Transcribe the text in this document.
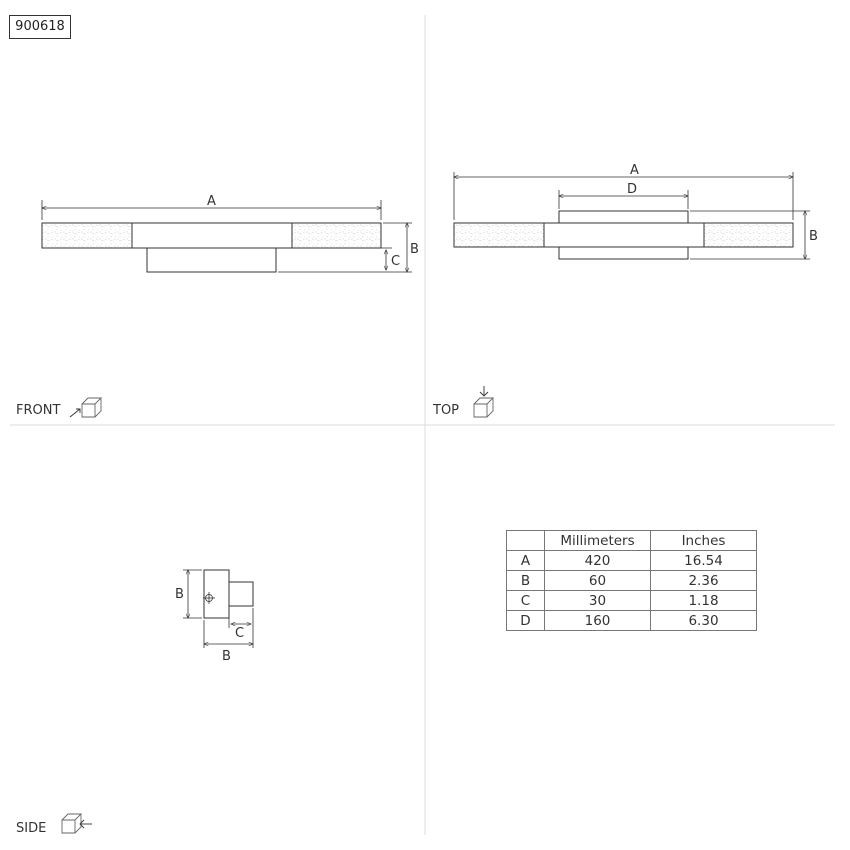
A
B
C
FRONT
A
D
B
TOP
B
C
B
SIDE
900618
	Millimeters	Inches
A	420	16.54
B	60	2.36
C	30	1.18
D	160	6.30
